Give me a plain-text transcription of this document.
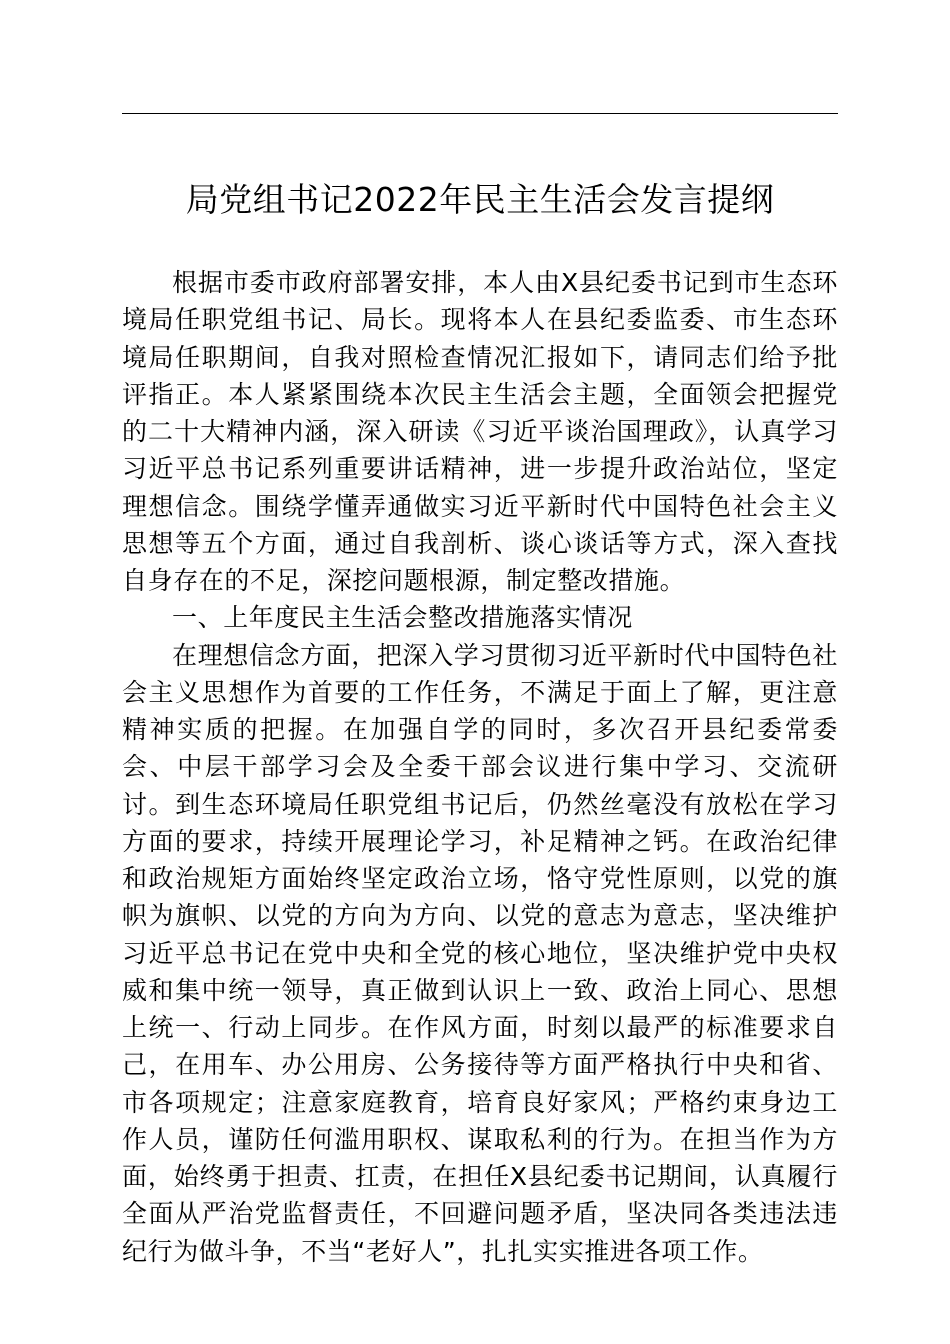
局党组书记2022年民主生活会发言提纲

根据市委市政府部署安排，本人由X县纪委书记到市生态环境局任职党组书记、局长。现将本人在县纪委监委、市生态环境局任职期间，自我对照检查情况汇报如下，请同志们给予批评指正。本人紧紧围绕本次民主生活会主题，全面领会把握党的二十大精神内涵，深入研读《习近平谈治国理政》，认真学习习近平总书记系列重要讲话精神，进一步提升政治站位，坚定理想信念。围绕学懂弄通做实习近平新时代中国特色社会主义思想等五个方面，通过自我剖析、谈心谈话等方式，深入查找自身存在的不足，深挖问题根源，制定整改措施。

一、上年度民主生活会整改措施落实情况

在理想信念方面，把深入学习贯彻习近平新时代中国特色社会主义思想作为首要的工作任务，不满足于面上了解，更注意精神实质的把握。在加强自学的同时，多次召开县纪委常委会、中层干部学习会及全委干部会议进行集中学习、交流研讨。到生态环境局任职党组书记后，仍然丝毫没有放松在学习方面的要求，持续开展理论学习，补足精神之钙。在政治纪律和政治规矩方面始终坚定政治立场，恪守党性原则，以党的旗帜为旗帜、以党的方向为方向、以党的意志为意志，坚决维护习近平总书记在党中央和全党的核心地位，坚决维护党中央权威和集中统一领导，真正做到认识上一致、政治上同心、思想上统一、行动上同步。在作风方面，时刻以最严的标准要求自己，在用车、办公用房、公务接待等方面严格执行中央和省、市各项规定；注意家庭教育，培育良好家风；严格约束身边工作人员，谨防任何滥用职权、谋取私利的行为。在担当作为方面，始终勇于担责、扛责，在担任X县纪委书记期间，认真履行全面从严治党监督责任，不回避问题矛盾，坚决同各类违法违纪行为做斗争，不当“老好人”，扎扎实实推进各项工作。
